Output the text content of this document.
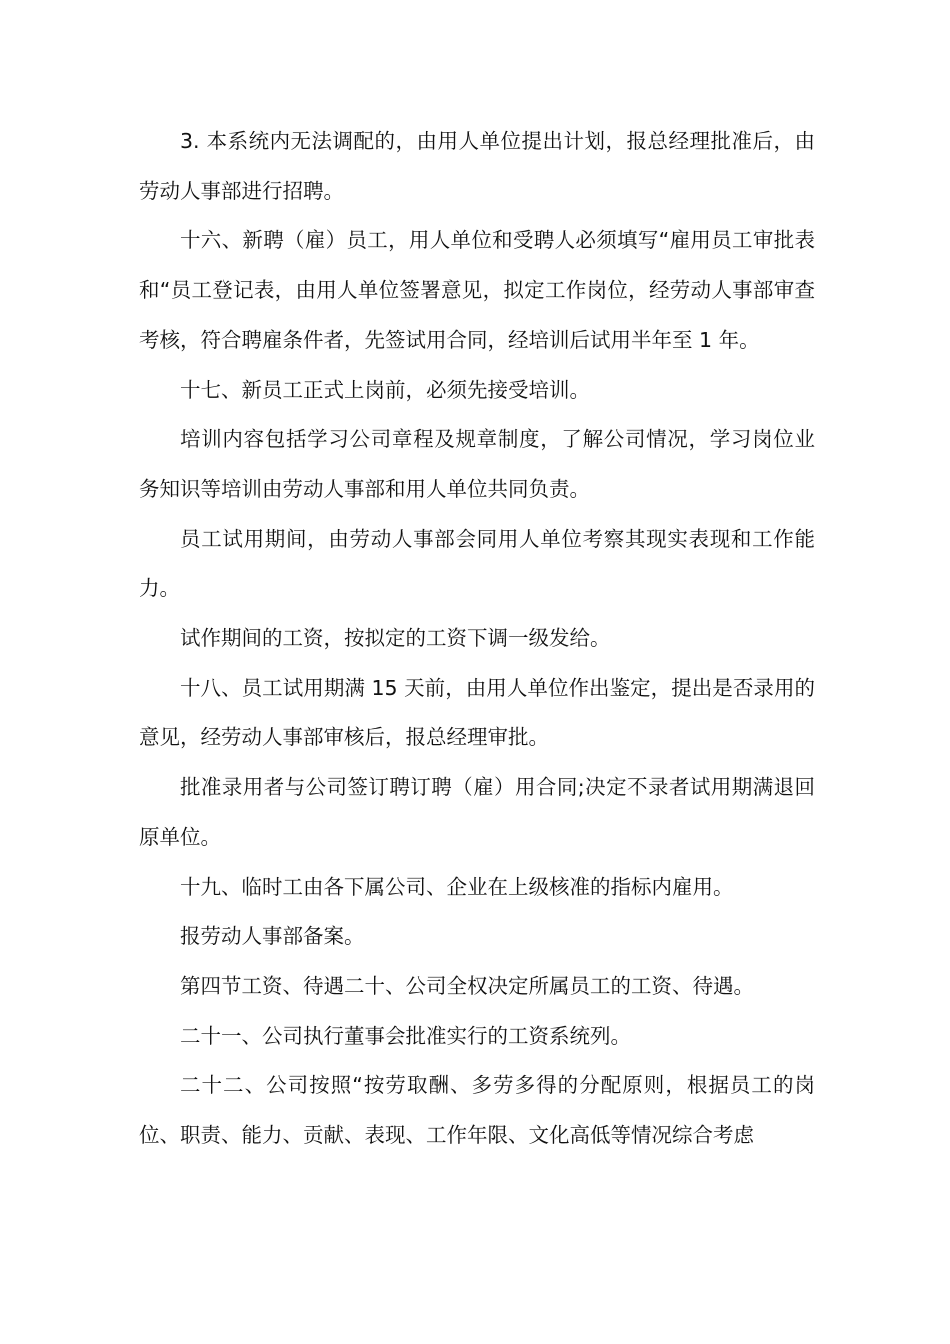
3. 本系统内无法调配的，由用人单位提出计划，报总经理批准后，由劳动人事部进行招聘。

十六、新聘（雇）员工，用人单位和受聘人必须填写“雇用员工审批表和“员工登记表，由用人单位签署意见，拟定工作岗位，经劳动人事部审查考核，符合聘雇条件者，先签试用合同，经培训后试用半年至 1 年。

十七、新员工正式上岗前，必须先接受培训。

培训内容包括学习公司章程及规章制度，了解公司情况，学习岗位业务知识等培训由劳动人事部和用人单位共同负责。

员工试用期间，由劳动人事部会同用人单位考察其现实表现和工作能力。

试作期间的工资，按拟定的工资下调一级发给。

十八、员工试用期满 15 天前，由用人单位作出鉴定，提出是否录用的意见，经劳动人事部审核后，报总经理审批。

批准录用者与公司签订聘订聘（雇）用合同;决定不录者试用期满退回原单位。

十九、临时工由各下属公司、企业在上级核准的指标内雇用。

报劳动人事部备案。

第四节工资、待遇二十、公司全权决定所属员工的工资、待遇。

二十一、公司执行董事会批准实行的工资系统列。

二十二、公司按照“按劳取酬、多劳多得的分配原则，根据员工的岗位、职责、能力、贡献、表现、工作年限、文化高低等情况综合考虑
